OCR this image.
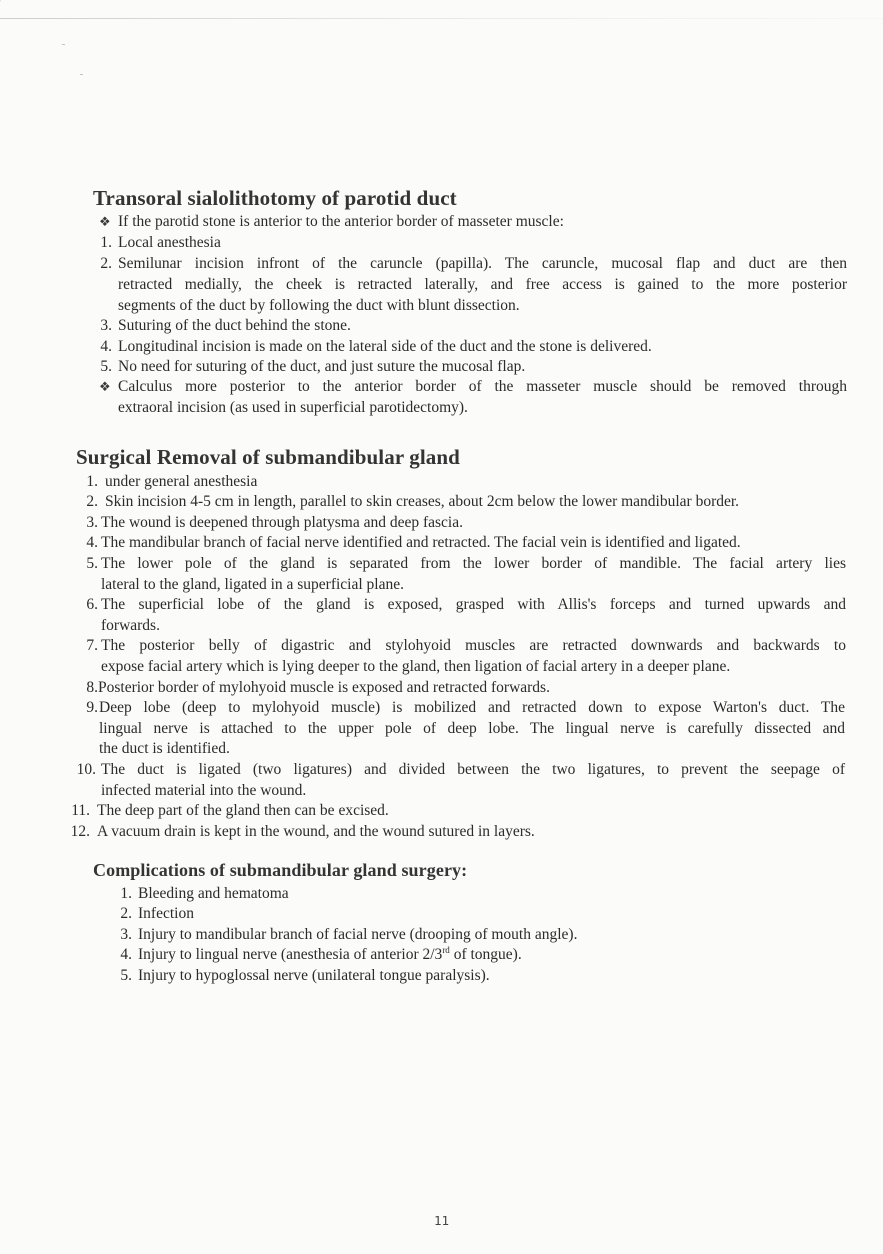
Transoral sialolithotomy of parotid duct
❖ If the parotid stone is anterior to the anterior border of masseter muscle:
1. Local anesthesia
2. Semilunar incision infront of the caruncle (papilla). The caruncle, mucosal flap and duct are then
retracted medially, the cheek is retracted laterally, and free access is gained to the more posterior
segments of the duct by following the duct with blunt dissection.
3. Suturing of the duct behind the stone.
4. Longitudinal incision is made on the lateral side of the duct and the stone is delivered.
5. No need for suturing of the duct, and just suture the mucosal flap.
❖ Calculus more posterior to the anterior border of the masseter muscle should be removed through
extraoral incision (as used in superficial parotidectomy).
Surgical Removal of submandibular gland
1. under general anesthesia
2. Skin incision 4-5 cm in length, parallel to skin creases, about 2cm below the lower mandibular border.
3. The wound is deepened through platysma and deep fascia.
4. The mandibular branch of facial nerve identified and retracted. The facial vein is identified and ligated.
5. The lower pole of the gland is separated from the lower border of mandible. The facial artery lies
lateral to the gland, ligated in a superficial plane.
6. The superficial lobe of the gland is exposed, grasped with Allis's forceps and turned upwards and
forwards.
7. The posterior belly of digastric and stylohyoid muscles are retracted downwards and backwards to
expose facial artery which is lying deeper to the gland, then ligation of facial artery in a deeper plane.
8. Posterior border of mylohyoid muscle is exposed and retracted forwards.
9. Deep lobe (deep to mylohyoid muscle) is mobilized and retracted down to expose Warton's duct. The
lingual nerve is attached to the upper pole of deep lobe. The lingual nerve is carefully dissected and
the duct is identified.
10. The duct is ligated (two ligatures) and divided between the two ligatures, to prevent the seepage of
infected material into the wound.
11. The deep part of the gland then can be excised.
12. A vacuum drain is kept in the wound, and the wound sutured in layers.
Complications of submandibular gland surgery:
1. Bleeding and hematoma
2. Infection
3. Injury to mandibular branch of facial nerve (drooping of mouth angle).
4. Injury to lingual nerve (anesthesia of anterior 2/3rd of tongue).
5. Injury to hypoglossal nerve (unilateral tongue paralysis).
11
